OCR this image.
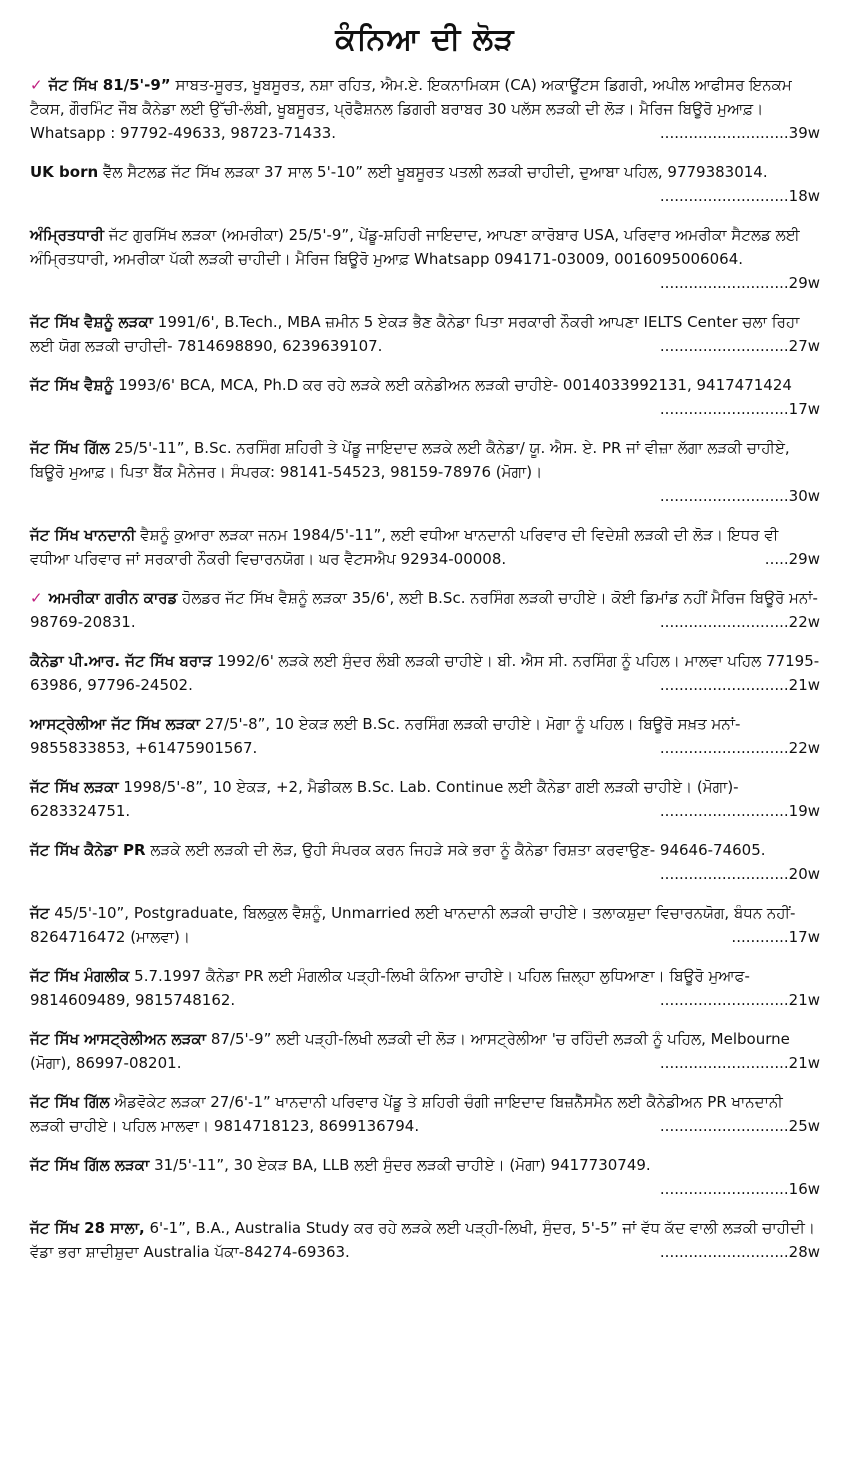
ਕੰਨਿਆ ਦੀ ਲੋੜ
✓ ਜੱਟ ਸਿੱਖ 81/5'-9” ਸਾਬਤ-ਸੂਰਤ, ਖੂਬਸੂਰਤ, ਨਸ਼ਾ ਰਹਿਤ, ਐਮ.ਏ. ਇਕਨਾਮਿਕਸ (CA) ਅਕਾਊਂਟਸ ਡਿਗਰੀ, ਅਪੀਲ ਆਫੀਸਰ ਇਨਕਮ ਟੈਕਸ, ਗੌਰਮਿੰਟ ਜੌਬ ਕੈਨੇਡਾ ਲਈ ਉੱਚੀ-ਲੰਬੀ, ਖੂਬਸੂਰਤ, ਪ੍ਰੋਫੈਸ਼ਨਲ ਡਿਗਰੀ ਬਰਾਬਰ 30 ਪਲੱਸ ਲੜਕੀ ਦੀ ਲੋੜ। ਮੈਰਿਜ ਬਿਊਰੋ ਮੁਆਫ਼। Whatsapp : 97792-49633, 98723-71433.	...........................39w
UK born ਵੈੱਲ ਸੈਟਲਡ ਜੱਟ ਸਿੱਖ ਲੜਕਾ 37 ਸਾਲ 5'-10” ਲਈ ਖੂਬਸੂਰਤ ਪਤਲੀ ਲੜਕੀ ਚਾਹੀਦੀ, ਦੁਆਬਾ ਪਹਿਲ, 9779383014.
...........................18w
ਅੰਮ੍ਰਿਤਧਾਰੀ ਜੱਟ ਗੁਰਸਿੱਖ ਲੜਕਾ (ਅਮਰੀਕਾ) 25/5'-9”, ਪੇਂਡੂ-ਸ਼ਹਿਰੀ ਜਾਇਦਾਦ, ਆਪਣਾ ਕਾਰੋਬਾਰ USA, ਪਰਿਵਾਰ ਅਮਰੀਕਾ ਸੈਟਲਡ ਲਈ ਅੰਮ੍ਰਿਤਧਾਰੀ, ਅਮਰੀਕਾ ਪੱਕੀ ਲੜਕੀ ਚਾਹੀਦੀ। ਮੈਰਿਜ ਬਿਊਰੋ ਮੁਆਫ਼ Whatsapp 094171-03009, 0016095006064.
...........................29w
ਜੱਟ ਸਿੱਖ ਵੈਸ਼ਨੂੰ ਲੜਕਾ 1991/6', B.Tech., MBA ਜ਼ਮੀਨ 5 ਏਕੜ ਭੈਣ ਕੈਨੇਡਾ ਪਿਤਾ ਸਰਕਾਰੀ ਨੌਕਰੀ ਆਪਣਾ IELTS Center ਚਲਾ ਰਿਹਾ ਲਈ ਯੋਗ ਲੜਕੀ ਚਾਹੀਦੀ- 7814698890, 6239639107.	...........................27w
ਜੱਟ ਸਿੱਖ ਵੈਸ਼ਨੂੰ 1993/6' BCA, MCA, Ph.D ਕਰ ਰਹੇ ਲੜਕੇ ਲਈ ਕਨੇਡੀਅਨ ਲੜਕੀ ਚਾਹੀਏ- 0014033992131, 9417471424
...........................17w
ਜੱਟ ਸਿੱਖ ਗਿੱਲ 25/5'-11”, B.Sc. ਨਰਸਿੰਗ ਸ਼ਹਿਰੀ ਤੇ ਪੇਂਡੂ ਜਾਇਦਾਦ ਲੜਕੇ ਲਈ ਕੈਨੇਡਾ/ ਯੂ. ਐਸ. ਏ. PR ਜਾਂ ਵੀਜ਼ਾ ਲੱਗਾ ਲੜਕੀ ਚਾਹੀਏ, ਬਿਊਰੋ ਮੁਆਫ਼। ਪਿਤਾ ਬੈਂਕ ਮੈਨੇਜਰ। ਸੰਪਰਕ: 98141-54523, 98159-78976 (ਮੋਗਾ)।
...........................30w
ਜੱਟ ਸਿੱਖ ਖਾਨਦਾਨੀ ਵੈਸ਼ਨੂੰ ਕੁਆਰਾ ਲੜਕਾ ਜਨਮ 1984/5'-11”, ਲਈ ਵਧੀਆ ਖਾਨਦਾਨੀ ਪਰਿਵਾਰ ਦੀ ਵਿਦੇਸ਼ੀ ਲੜਕੀ ਦੀ ਲੋੜ। ਇਧਰ ਵੀ ਵਧੀਆ ਪਰਿਵਾਰ ਜਾਂ ਸਰਕਾਰੀ ਨੌਕਰੀ ਵਿਚਾਰਨਯੋਗ। ਘਰ ਵੈਟਸਐਪ 92934-00008.	.....29w
✓ ਅਮਰੀਕਾ ਗਰੀਨ ਕਾਰਡ ਹੋਲਡਰ ਜੱਟ ਸਿੱਖ ਵੈਸ਼ਨੂੰ ਲੜਕਾ 35/6', ਲਈ B.Sc. ਨਰਸਿੰਗ ਲੜਕੀ ਚਾਹੀਏ। ਕੋਈ ਡਿਮਾਂਡ ਨਹੀਂ ਮੈਰਿਜ ਬਿਊਰੋ ਮਨਾਂ- 98769-20831.	...........................22w
ਕੈਨੇਡਾ ਪੀ.ਆਰ. ਜੱਟ ਸਿੱਖ ਬਰਾੜ 1992/6' ਲੜਕੇ ਲਈ ਸੁੰਦਰ ਲੰਬੀ ਲੜਕੀ ਚਾਹੀਏ। ਬੀ. ਐਸ ਸੀ. ਨਰਸਿੰਗ ਨੂੰ ਪਹਿਲ। ਮਾਲਵਾ ਪਹਿਲ 77195-63986, 97796-24502.	...........................21w
ਆਸਟ੍ਰੇਲੀਆ ਜੱਟ ਸਿੱਖ ਲੜਕਾ 27/5'-8”, 10 ਏਕੜ ਲਈ B.Sc. ਨਰਸਿੰਗ ਲੜਕੀ ਚਾਹੀਏ। ਮੋਗਾ ਨੂੰ ਪਹਿਲ। ਬਿਊਰੋ ਸਖ਼ਤ ਮਨਾਂ- 9855833853, +61475901567.	...........................22w
ਜੱਟ ਸਿੱਖ ਲੜਕਾ 1998/5'-8”, 10 ਏਕੜ, +2, ਮੈਡੀਕਲ B.Sc. Lab. Continue ਲਈ ਕੈਨੇਡਾ ਗਈ ਲੜਕੀ ਚਾਹੀਏ। (ਮੋਗਾ)- 6283324751.	...........................19w
ਜੱਟ ਸਿੱਖ ਕੈਨੇਡਾ PR ਲੜਕੇ ਲਈ ਲੜਕੀ ਦੀ ਲੋੜ, ਉਹੀ ਸੰਪਰਕ ਕਰਨ ਜਿਹੜੇ ਸਕੇ ਭਰਾ ਨੂੰ ਕੈਨੇਡਾ ਰਿਸ਼ਤਾ ਕਰਵਾਉਣ- 94646-74605.
...........................20w
ਜੱਟ 45/5'-10”, Postgraduate, ਬਿਲਕੁਲ ਵੈਸ਼ਨੂੰ, Unmarried ਲਈ ਖਾਨਦਾਨੀ ਲੜਕੀ ਚਾਹੀਏ। ਤਲਾਕਸ਼ੁਦਾ ਵਿਚਾਰਨਯੋਗ, ਬੰਧਨ ਨਹੀਂ- 8264716472 (ਮਾਲਵਾ)।	............17w
ਜੱਟ ਸਿੱਖ ਮੰਗਲੀਕ 5.7.1997 ਕੈਨੇਡਾ PR ਲਈ ਮੰਗਲੀਕ ਪੜ੍ਹੀ-ਲਿਖੀ ਕੰਨਿਆ ਚਾਹੀਏ। ਪਹਿਲ ਜ਼ਿਲ੍ਹਾ ਲੁਧਿਆਣਾ। ਬਿਊਰੋ ਮੁਆਫ- 9814609489, 9815748162.	...........................21w
ਜੱਟ ਸਿੱਖ ਆਸਟ੍ਰੇਲੀਅਨ ਲੜਕਾ 87/5'-9” ਲਈ ਪੜ੍ਹੀ-ਲਿਖੀ ਲੜਕੀ ਦੀ ਲੋੜ। ਆਸਟ੍ਰੇਲੀਆ 'ਚ ਰਹਿੰਦੀ ਲੜਕੀ ਨੂੰ ਪਹਿਲ, Melbourne (ਮੋਗਾ), 86997-08201.	...........................21w
ਜੱਟ ਸਿੱਖ ਗਿੱਲ ਐਡਵੋਕੇਟ ਲੜਕਾ 27/6'-1” ਖਾਨਦਾਨੀ ਪਰਿਵਾਰ ਪੇਂਡੂ ਤੇ ਸ਼ਹਿਰੀ ਚੰਗੀ ਜਾਇਦਾਦ ਬਿਜ਼ਨੈੱਸਮੈਨ ਲਈ ਕੈਨੇਡੀਅਨ PR ਖਾਨਦਾਨੀ ਲੜਕੀ ਚਾਹੀਏ। ਪਹਿਲ ਮਾਲਵਾ। 9814718123, 8699136794.	...........................25w
ਜੱਟ ਸਿੱਖ ਗਿੱਲ ਲੜਕਾ 31/5'-11”, 30 ਏਕੜ BA, LLB ਲਈ ਸੁੰਦਰ ਲੜਕੀ ਚਾਹੀਏ। (ਮੋਗਾ) 9417730749.
...........................16w
ਜੱਟ ਸਿੱਖ 28 ਸਾਲਾ, 6'-1”, B.A., Australia Study ਕਰ ਰਹੇ ਲੜਕੇ ਲਈ ਪੜ੍ਹੀ-ਲਿਖੀ, ਸੁੰਦਰ, 5'-5” ਜਾਂ ਵੱਧ ਕੱਦ ਵਾਲੀ ਲੜਕੀ ਚਾਹੀਦੀ। ਵੱਡਾ ਭਰਾ ਸ਼ਾਦੀਸ਼ੁਦਾ Australia ਪੱਕਾ-84274-69363.	...........................28w
